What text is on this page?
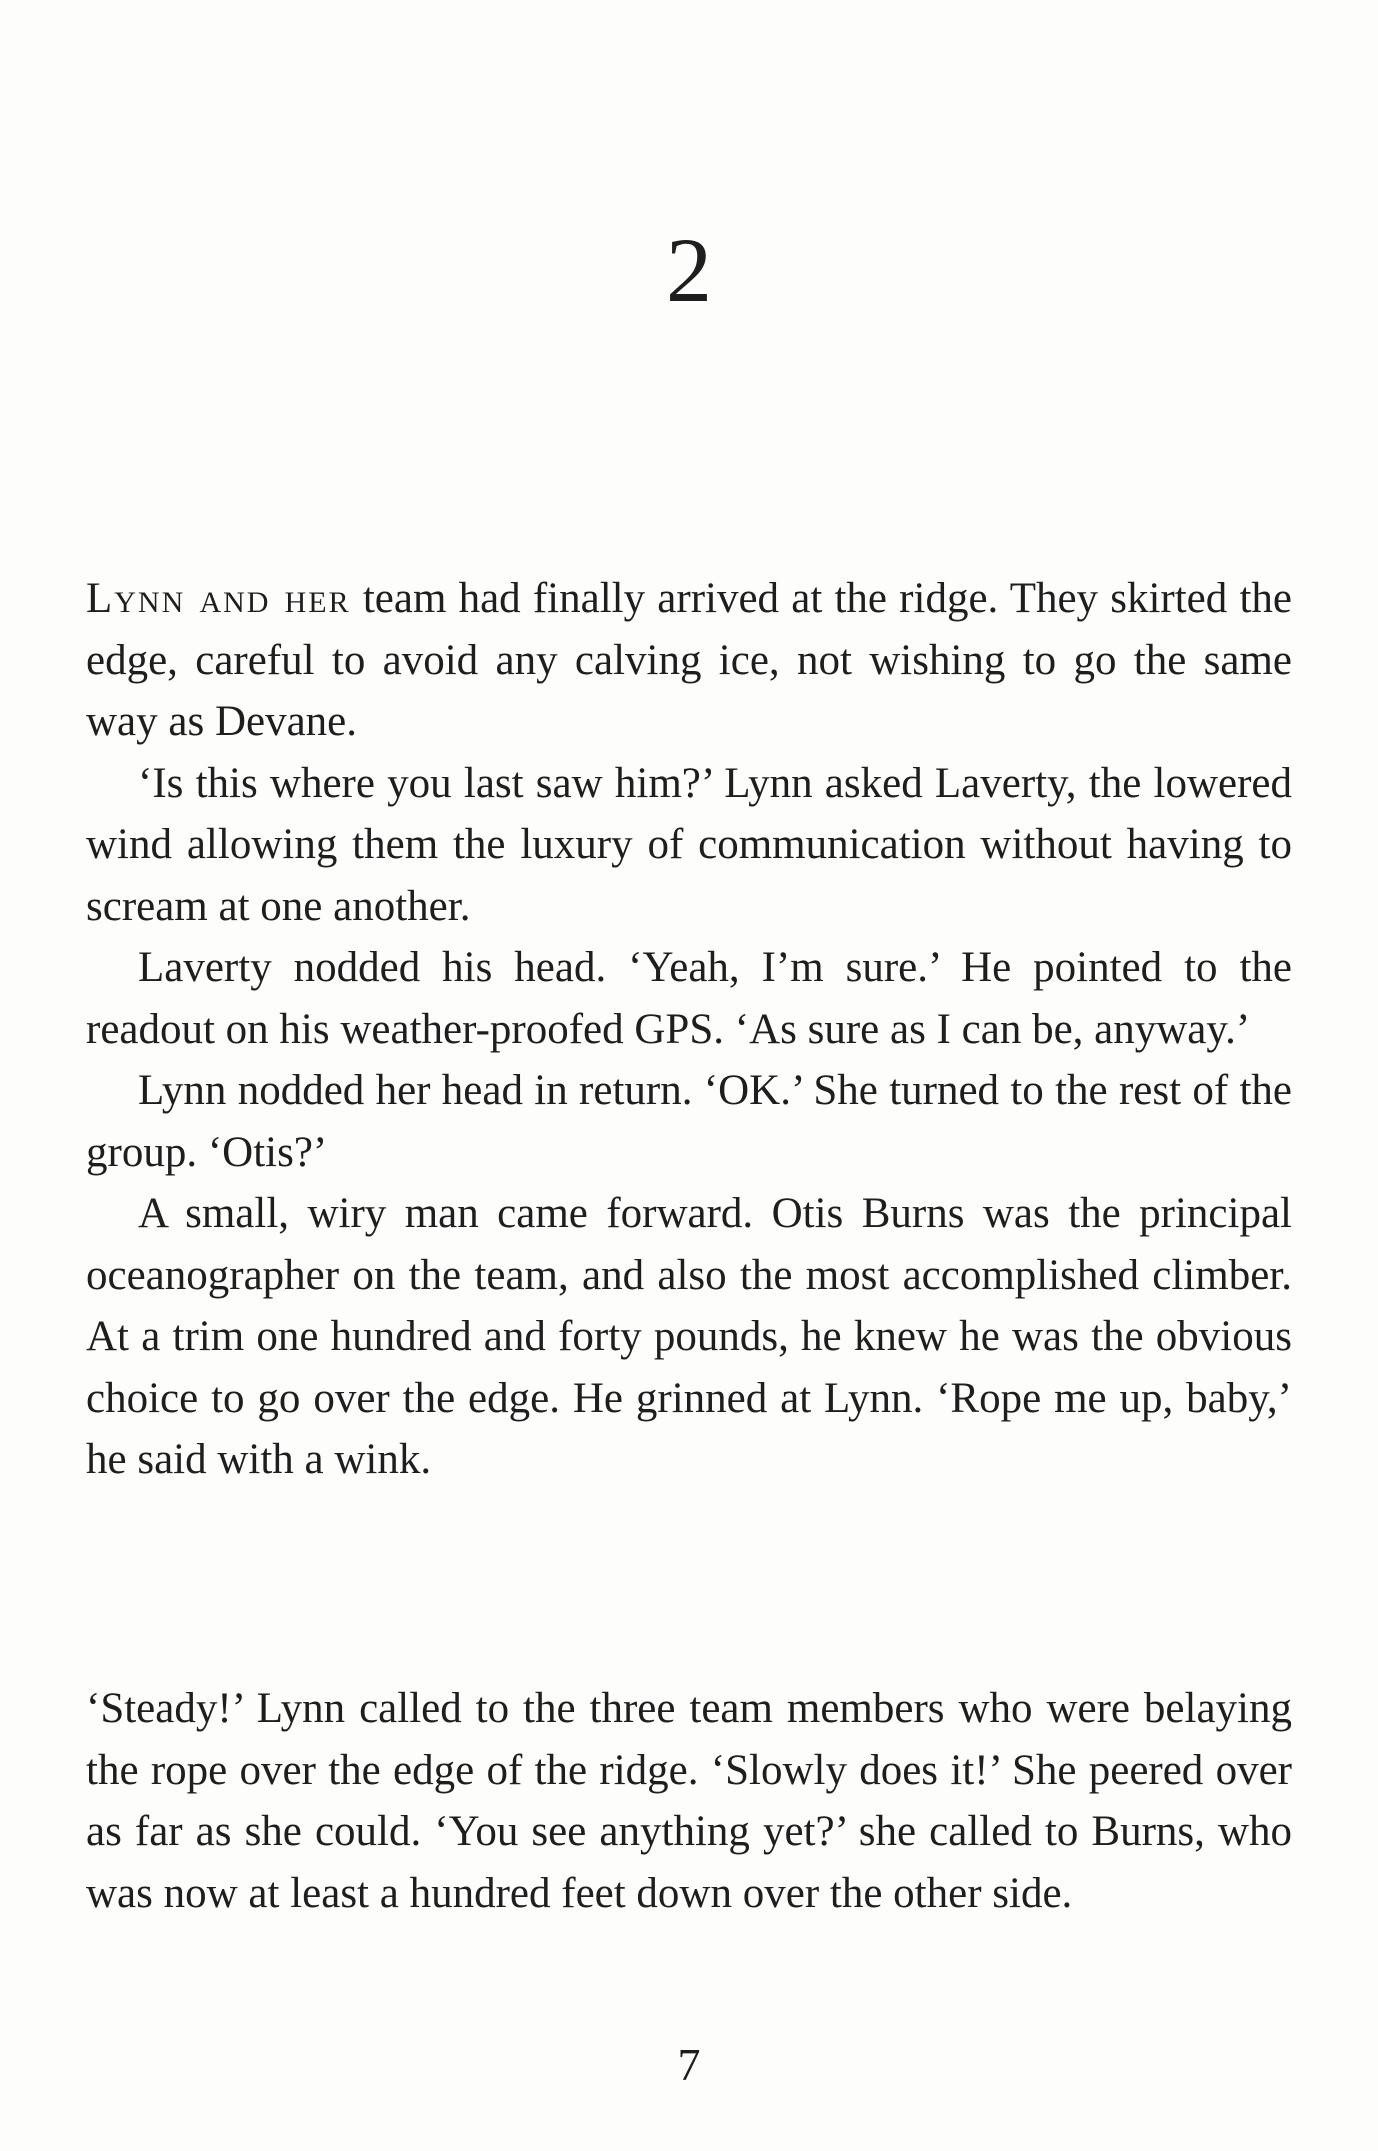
2

Lynn and her team had finally arrived at the ridge. They skirted the edge, careful to avoid any calving ice, not wishing to go the same way as Devane.

‘Is this where you last saw him?’ Lynn asked Laverty, the lowered wind allowing them the luxury of communication without having to scream at one another.

Laverty nodded his head. ‘Yeah, I’m sure.’ He pointed to the readout on his weather-proofed GPS. ‘As sure as I can be, anyway.’

Lynn nodded her head in return. ‘OK.’ She turned to the rest of the group. ‘Otis?’

A small, wiry man came forward. Otis Burns was the principal oceanographer on the team, and also the most accomplished climber. At a trim one hundred and forty pounds, he knew he was the obvious choice to go over the edge. He grinned at Lynn. ‘Rope me up, baby,’ he said with a wink.

‘Steady!’ Lynn called to the three team members who were belaying the rope over the edge of the ridge. ‘Slowly does it!’ She peered over as far as she could. ‘You see anything yet?’ she called to Burns, who was now at least a hundred feet down over the other side.

7
